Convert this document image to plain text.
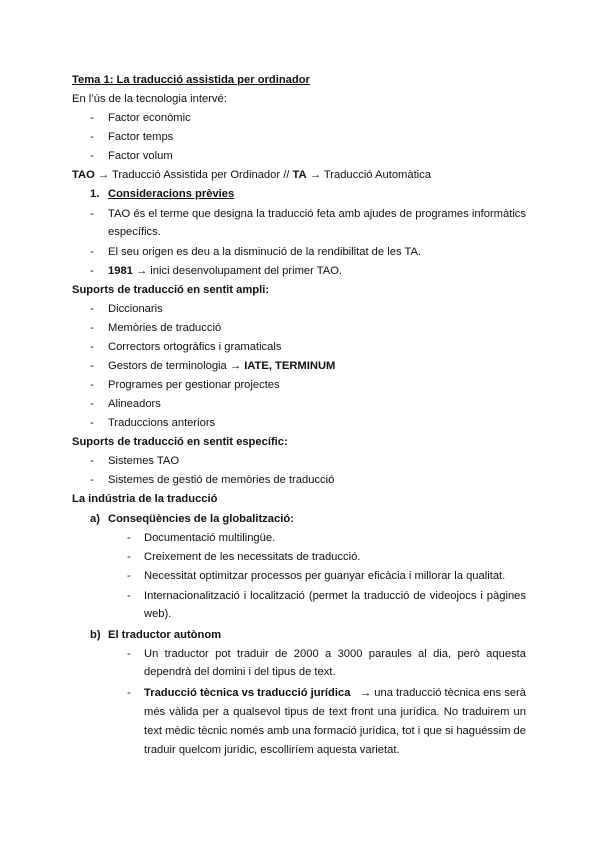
Tema 1: La traducció assistida per ordinador
En l’ús de la tecnologia intervé:
- Factor econòmic
- Factor temps
- Factor volum
TAO → Traducció Assistida per Ordinador // TA → Traducció Automàtica
1. Consideracions prèvies
- TAO és el terme que designa la traducció feta amb ajudes de programes informàtics
específics.
- El seu origen es deu a la disminució de la rendibilitat de les TA.
- 1981 → inici desenvolupament del primer TAO.
Suports de traducció en sentit ampli:
- Diccionaris
- Memòries de traducció
- Correctors ortogràfics i gramaticals
- Gestors de terminologia → IATE, TERMINUM
- Programes per gestionar projectes
- Alineadors
- Traduccions anteriors
Suports de traducció en sentit específic:
- Sistemes TAO
- Sistemes de gestió de memòries de traducció
La indústria de la traducció
a) Conseqüències de la globalització:
- Documentació multilingüe.
- Creixement de les necessitats de traducció.
- Necessitat optimitzar processos per guanyar eficàcia i millorar la qualitat.
- Internacionalització i localització (permet la traducció de videojocs i pàgines
web).
b) El traductor autònom
- Un traductor pot traduir de 2000 a 3000 paraules al dia, però aquesta
dependrà del domini i del tipus de text.
- Traducció tècnica vs traducció jurídica → una traducció tècnica ens serà
més vàlida per a qualsevol tipus de text front una jurídica. No traduirem un
text mèdic tècnic només amb una formació jurídica, tot i que si haguéssim de
traduir quelcom jurídic, escolliríem aquesta varietat.
